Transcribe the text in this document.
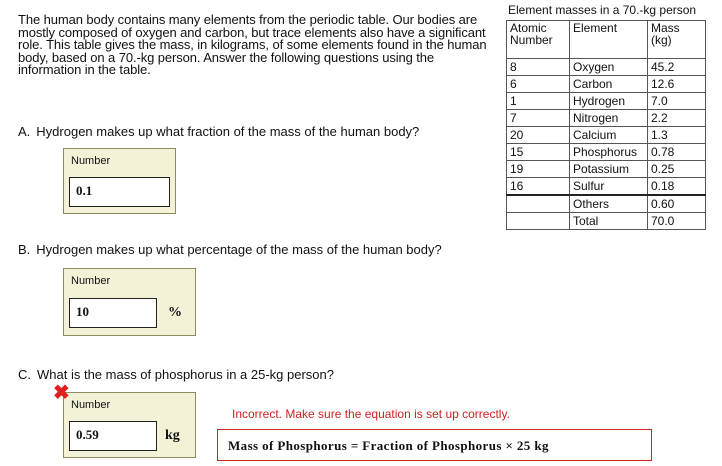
The human body contains many elements from the periodic table. Our bodies are mostly composed of oxygen and carbon, but trace elements also have a significant role. This table gives the mass, in kilograms, of some elements found in the human body, based on a 70.-kg person. Answer the following questions using the information in the table.
A. Hydrogen makes up what fraction of the mass of the human body?
Number
0.1
B. Hydrogen makes up what percentage of the mass of the human body?
Number
10	%
C. What is the mass of phosphorus in a 25-kg person?
Number
0.59	kg
✖
Incorrect. Make sure the equation is set up correctly.
Mass of Phosphorus = Fraction of Phosphorus × 25 kg
Element masses in a 70.-kg person
Atomic Number	Element	Mass (kg)
8	Oxygen	45.2
6	Carbon	12.6
1	Hydrogen	7.0
7	Nitrogen	2.2
20	Calcium	1.3
15	Phosphorus	0.78
19	Potassium	0.25
16	Sulfur	0.18
	Others	0.60
	Total	70.0
